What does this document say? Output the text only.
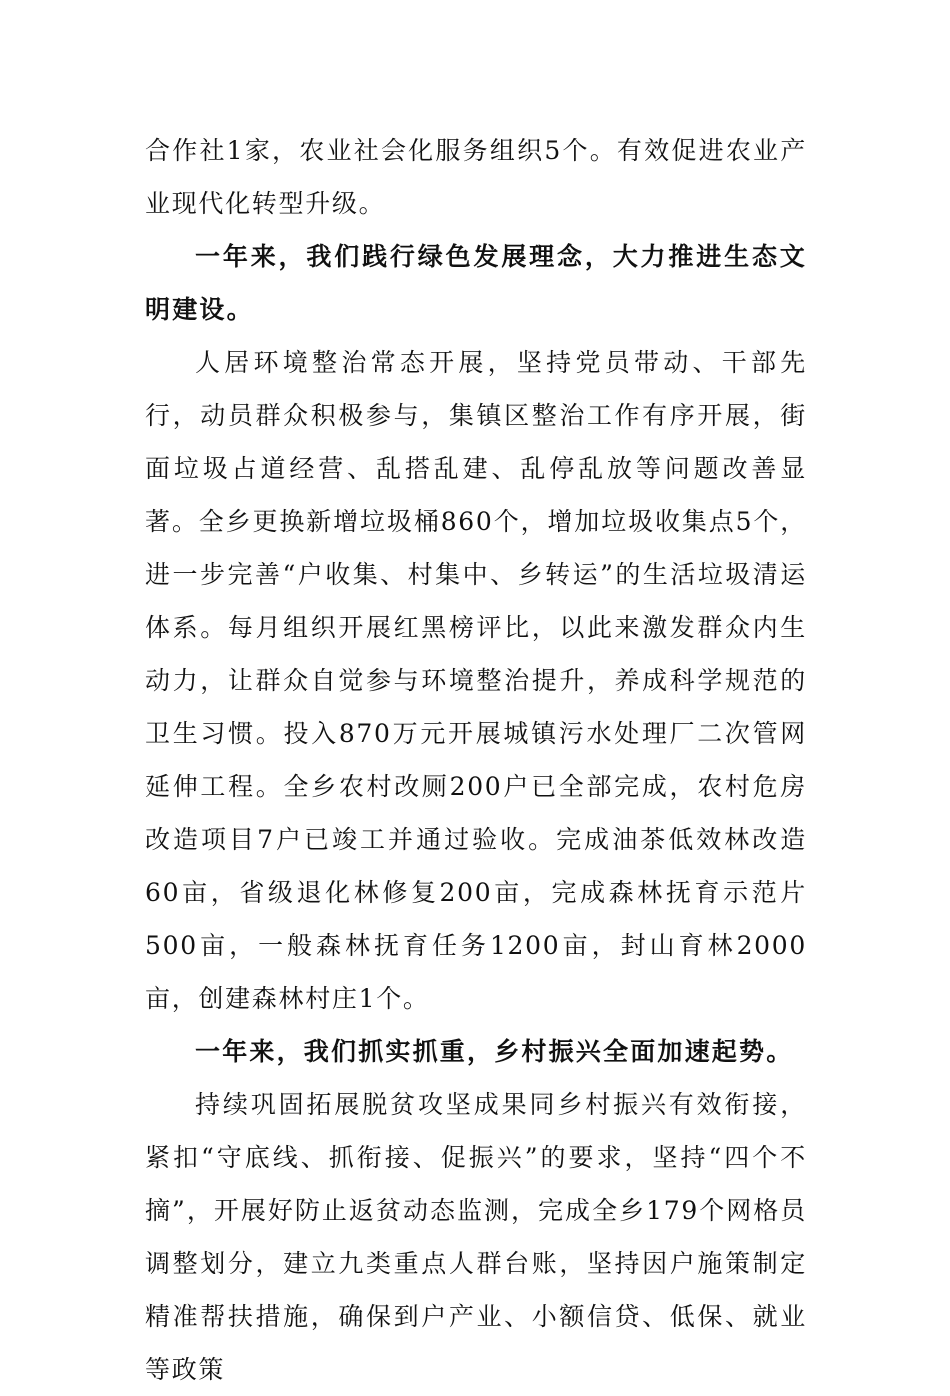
合作社1家，农业社会化服务组织5个。有效促进农业产业现代化转型升级。

一年来，我们践行绿色发展理念，大力推进生态文明建设。

人居环境整治常态开展，坚持党员带动、干部先行，动员群众积极参与，集镇区整治工作有序开展，街面垃圾占道经营、乱搭乱建、乱停乱放等问题改善显著。全乡更换新增垃圾桶860个，增加垃圾收集点5个，进一步完善“户收集、村集中、乡转运”的生活垃圾清运体系。每月组织开展红黑榜评比，以此来激发群众内生动力，让群众自觉参与环境整治提升，养成科学规范的卫生习惯。投入870万元开展城镇污水处理厂二次管网延伸工程。全乡农村改厕200户已全部完成，农村危房改造项目7户已竣工并通过验收。完成油茶低效林改造60亩，省级退化林修复200亩，完成森林抚育示范片500亩，一般森林抚育任务1200亩，封山育林2000亩，创建森林村庄1个。

一年来，我们抓实抓重，乡村振兴全面加速起势。

持续巩固拓展脱贫攻坚成果同乡村振兴有效衔接，紧扣“守底线、抓衔接、促振兴”的要求，坚持“四个不摘”，开展好防止返贫动态监测，完成全乡179个网格员调整划分，建立九类重点人群台账，坚持因户施策制定精准帮扶措施，确保到户产业、小额信贷、低保、就业等政策
